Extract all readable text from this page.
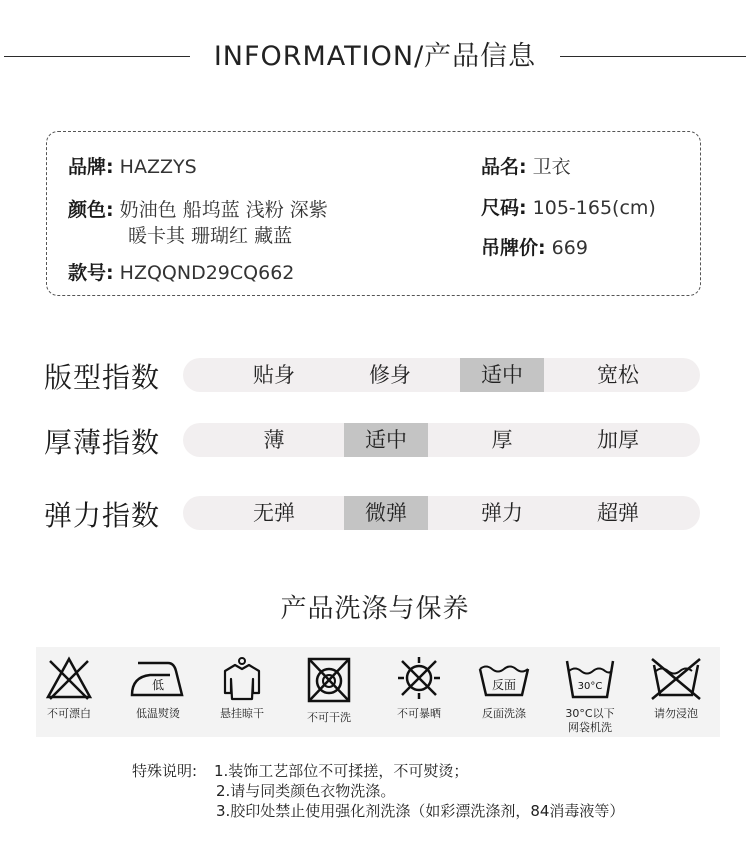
INFORMATION/产品信息
品牌: HAZZYS
颜色: 奶油色 船坞蓝 浅粉 深紫
暖卡其 珊瑚红 藏蓝
款号: HZQQND29CQ662
品名: 卫衣
尺码: 105-165(cm)
吊牌价: 669
版型指数	贴身	修身	适中	宽松
厚薄指数	薄	适中	厚	加厚
弹力指数	无弹	微弹	弹力	超弹
产品洗涤与保养
不可漂白
低
低温熨烫	悬挂晾干	不可干洗	不可暴晒
反面
反面洗涤
30°C
30°C以下
网袋机洗
请勿浸泡
特殊说明: 1.装饰工艺部位不可揉搓，不可熨烫；
2.请与同类颜色衣物洗涤。
3.胶印处禁止使用强化剂洗涤（如彩漂洗涤剂，84消毒液等）
